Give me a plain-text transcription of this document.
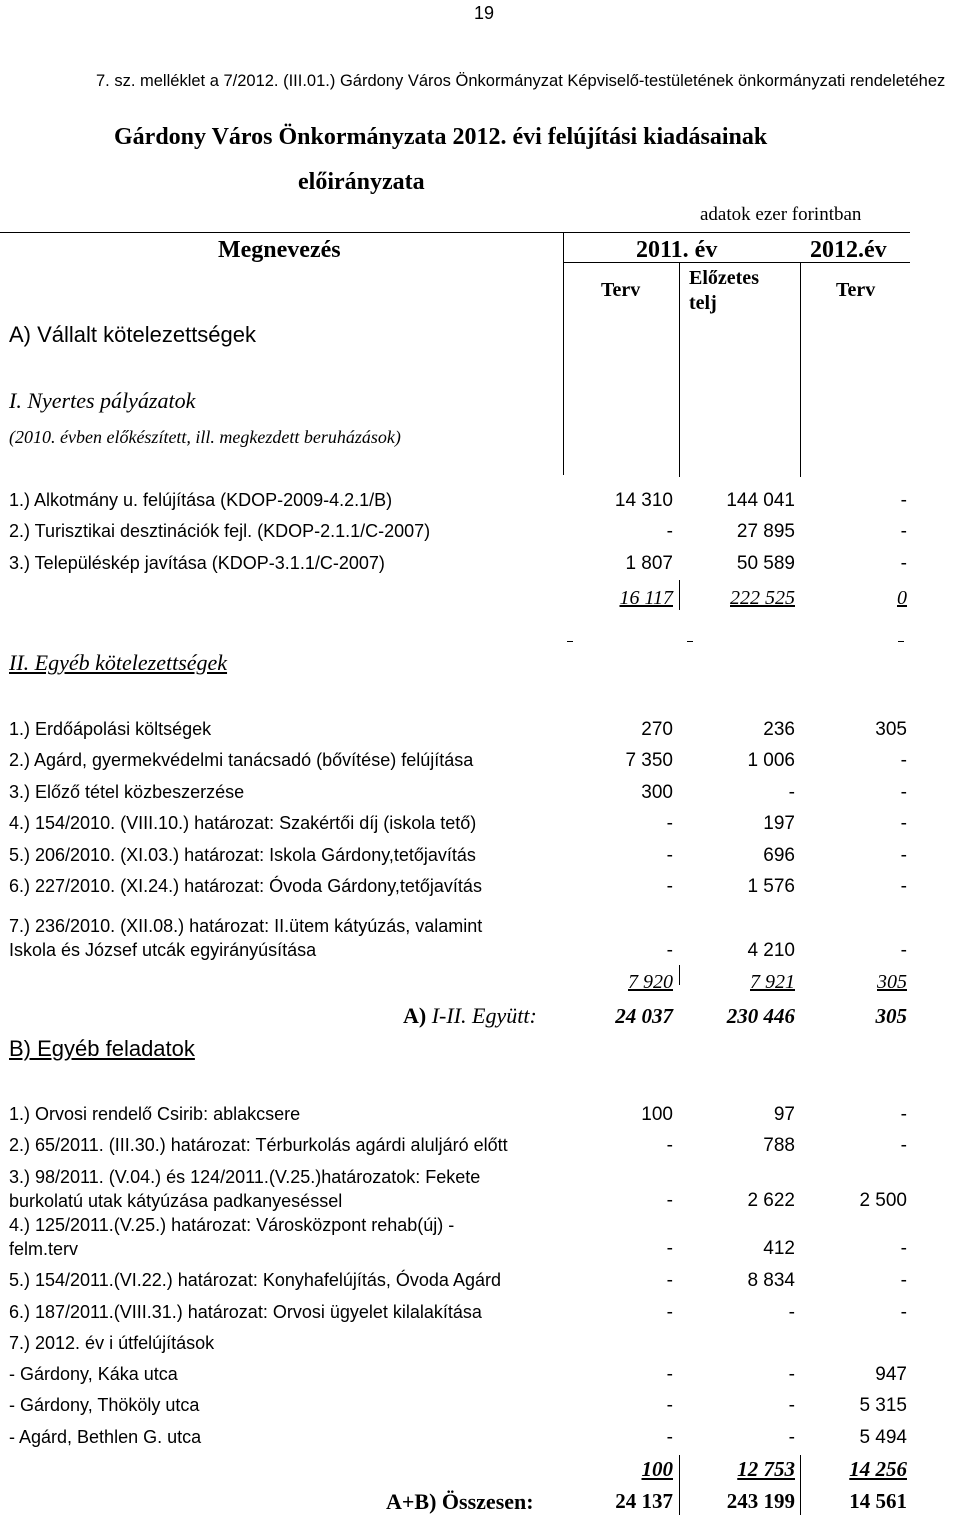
19
7. sz. melléklet a 7/2012. (III.01.) Gárdony Város Önkormányzat Képviselő-testületének önkormányzati rendeletéhez
Gárdony Város Önkormányzata 2012. évi felújítási kiadásainak
előirányzata
adatok ezer forintban
Megnevezés	2011. év	2012.év
Terv
Előzetes
telj
Terv
A) Vállalt kötelezettségek
I. Nyertes pályázatok
(2010. évben előkészített, ill. megkezdett beruházások)
1.) Alkotmány u. felújítása (KDOP-2009-4.2.1/B)	14 310	144 041	-
2.) Turisztikai desztinációk fejl. (KDOP-2.1.1/C-2007)	-	27 895	-
3.) Településkép javítása (KDOP-3.1.1/C-2007)	1 807	50 589	-
16 117	222 525	0
II. Egyéb kötelezettségek
1.) Erdőápolási költségek	270	236	305
2.) Agárd, gyermekvédelmi tanácsadó (bővítése) felújítása	7 350	1 006	-
3.) Előző tétel közbeszerzése	300	-	-
4.) 154/2010. (VIII.10.) határozat: Szakértői díj (iskola tető)	-	197	-
5.) 206/2010. (XI.03.) határozat: Iskola Gárdony,tetőjavítás	-	696	-
6.) 227/2010. (XI.24.) határozat: Óvoda Gárdony,tetőjavítás	-	1 576	-
7.) 236/2010. (XII.08.) határozat: II.ütem kátyúzás, valamint
Iskola és József utcák egyirányúsítása	-	4 210	-
7 920	7 921	305
A) I-II. Együtt:	24 037	230 446	305
B) Egyéb feladatok
1.) Orvosi rendelő Csirib: ablakcsere	100	97	-
2.) 65/2011. (III.30.) határozat: Térburkolás agárdi aluljáró előtt	-	788	-
3.) 98/2011. (V.04.) és 124/2011.(V.25.)határozatok: Fekete
burkolatú utak kátyúzása padkanyeséssel	-	2 622	2 500
4.) 125/2011.(V.25.) határozat: Városközpont rehab(új) -
felm.terv	-	412	-
5.) 154/2011.(VI.22.) határozat: Konyhafelújítás, Óvoda Agárd	-	8 834	-
6.) 187/2011.(VIII.31.) határozat: Orvosi ügyelet kilalakítása	-	-	-
7.) 2012. év i útfelújítások
- Gárdony, Káka utca	-	-	947
- Gárdony, Thököly utca	-	-	5 315
- Agárd, Bethlen G. utca	-	-	5 494
100	12 753	14 256
A+B) Összesen:	24 137	243 199	14 561
